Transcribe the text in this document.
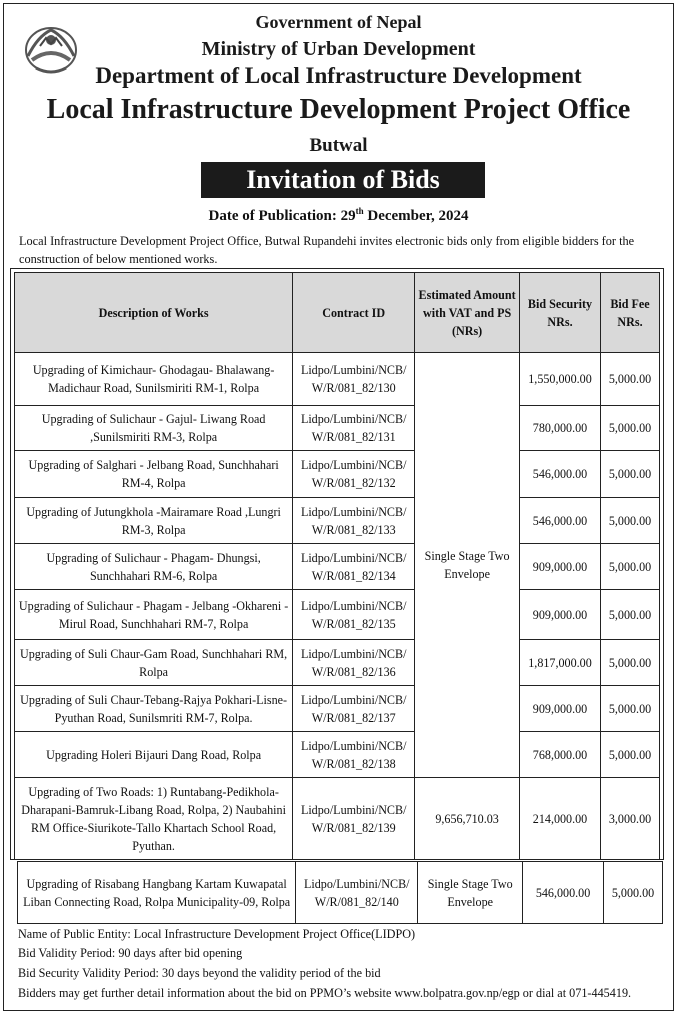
Government of Nepal
Ministry of Urban Development
Department of Local Infrastructure Development
Local Infrastructure Development Project Office
Butwal
Invitation of Bids
Date of Publication: 29th December, 2024
Local Infrastructure Development Project Office, Butwal Rupandehi invites electronic bids only from eligible bidders for the construction of below mentioned works.
Description of Works	Contract ID	Estimated Amount with VAT and PS (NRs)	Bid Security NRs.	Bid Fee NRs.
Upgrading of Kimichaur- Ghodagau- Bhalawang-Madichaur Road, Sunilsmiriti RM-1, Rolpa	Lidpo/Lumbini/NCB/ W/R/081_82/130	Single Stage Two Envelope	1,550,000.00	5,000.00
Upgrading of Sulichaur - Gajul- Liwang Road ,Sunilsmiriti RM-3, Rolpa	Lidpo/Lumbini/NCB/ W/R/081_82/131		780,000.00	5,000.00
Upgrading of Salghari - Jelbang Road, Sunchhahari RM-4, Rolpa	Lidpo/Lumbini/NCB/ W/R/081_82/132		546,000.00	5,000.00
Upgrading of Jutungkhola -Mairamare Road ,Lungri RM-3, Rolpa	Lidpo/Lumbini/NCB/ W/R/081_82/133		546,000.00	5,000.00
Upgrading of Sulichaur - Phagam- Dhungsi, Sunchhahari RM-6, Rolpa	Lidpo/Lumbini/NCB/ W/R/081_82/134		909,000.00	5,000.00
Upgrading of Sulichaur - Phagam - Jelbang -Okhareni - Mirul Road, Sunchhahari RM-7, Rolpa	Lidpo/Lumbini/NCB/ W/R/081_82/135		909,000.00	5,000.00
Upgrading of Suli Chaur-Gam Road, Sunchhahari RM, Rolpa	Lidpo/Lumbini/NCB/ W/R/081_82/136		1,817,000.00	5,000.00
Upgrading of Suli Chaur-Tebang-Rajya Pokhari-Lisne-Pyuthan Road, Sunilsmriti RM-7, Rolpa.	Lidpo/Lumbini/NCB/ W/R/081_82/137		909,000.00	5,000.00
Upgrading Holeri Bijauri Dang Road, Rolpa	Lidpo/Lumbini/NCB/ W/R/081_82/138		768,000.00	5,000.00
Upgrading of Two Roads: 1) Runtabang-Pedikhola-Dharapani-Bamruk-Libang Road, Rolpa, 2) Naubahini RM Office-Siurikote-Tallo Khartach School Road, Pyuthan.	Lidpo/Lumbini/NCB/ W/R/081_82/139	9,656,710.03	214,000.00	3,000.00
Upgrading of Risabang Hangbang Kartam Kuwapatal Liban Connecting Road, Rolpa Municipality-09, Rolpa	Lidpo/Lumbini/NCB/ W/R/081_82/140	Single Stage Two Envelope	546,000.00	5,000.00
Name of Public Entity: Local Infrastructure Development Project Office(LIDPO)
Bid Validity Period: 90 days after bid opening
Bid Security Validity Period: 30 days beyond the validity period of the bid
Bidders may get further detail information about the bid on PPMO’s website www.bolpatra.gov.np/egp or dial at 071-445419.
